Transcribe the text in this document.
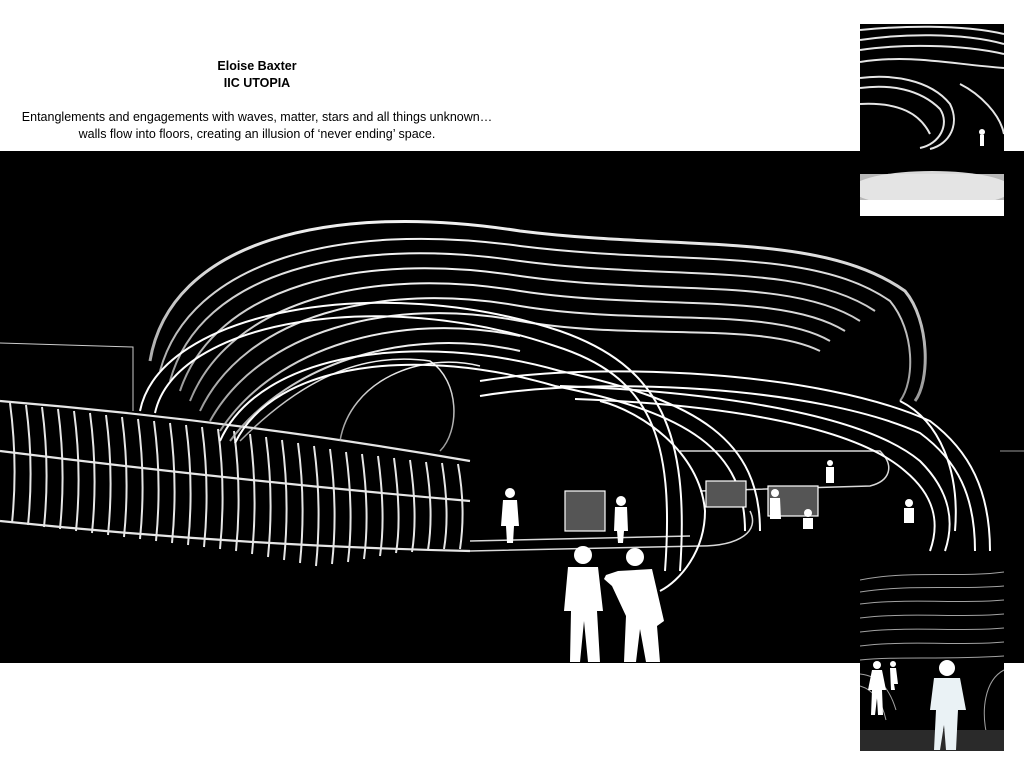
Eloise Baxter
IIC UTOPIA
Entanglements and engagements with waves, matter, stars and all things unknown…walls flow into floors, creating an illusion of ‘never ending’ space.
